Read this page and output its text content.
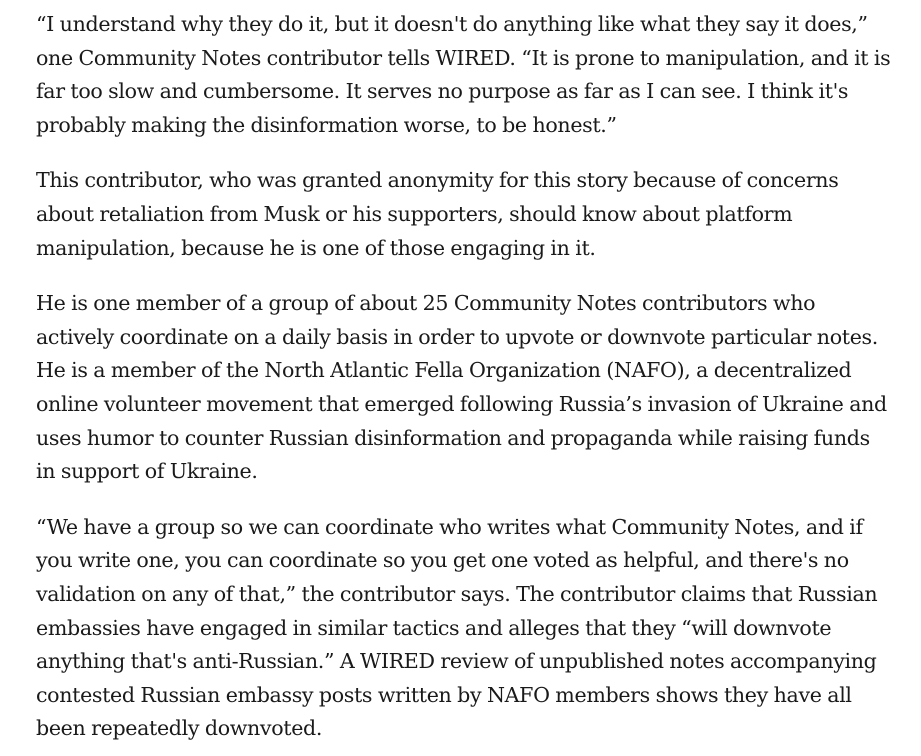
“I understand why they do it, but it doesn't do anything like what they say it does,” one Community Notes contributor tells WIRED. “It is prone to manipulation, and it is far too slow and cumbersome. It serves no purpose as far as I can see. I think it's probably making the disinformation worse, to be honest.”

This contributor, who was granted anonymity for this story because of concerns about retaliation from Musk or his supporters, should know about platform manipulation, because he is one of those engaging in it.

He is one member of a group of about 25 Community Notes contributors who actively coordinate on a daily basis in order to upvote or downvote particular notes. He is a member of the North Atlantic Fella Organization (NAFO), a decentralized online volunteer movement that emerged following Russia’s invasion of Ukraine and uses humor to counter Russian disinformation and propaganda while raising funds in support of Ukraine.

“We have a group so we can coordinate who writes what Community Notes, and if you write one, you can coordinate so you get one voted as helpful, and there's no validation on any of that,” the contributor says. The contributor claims that Russian embassies have engaged in similar tactics and alleges that they “will downvote anything that's anti-Russian.” A WIRED review of unpublished notes accompanying contested Russian embassy posts written by NAFO members shows they have all been repeatedly downvoted.
